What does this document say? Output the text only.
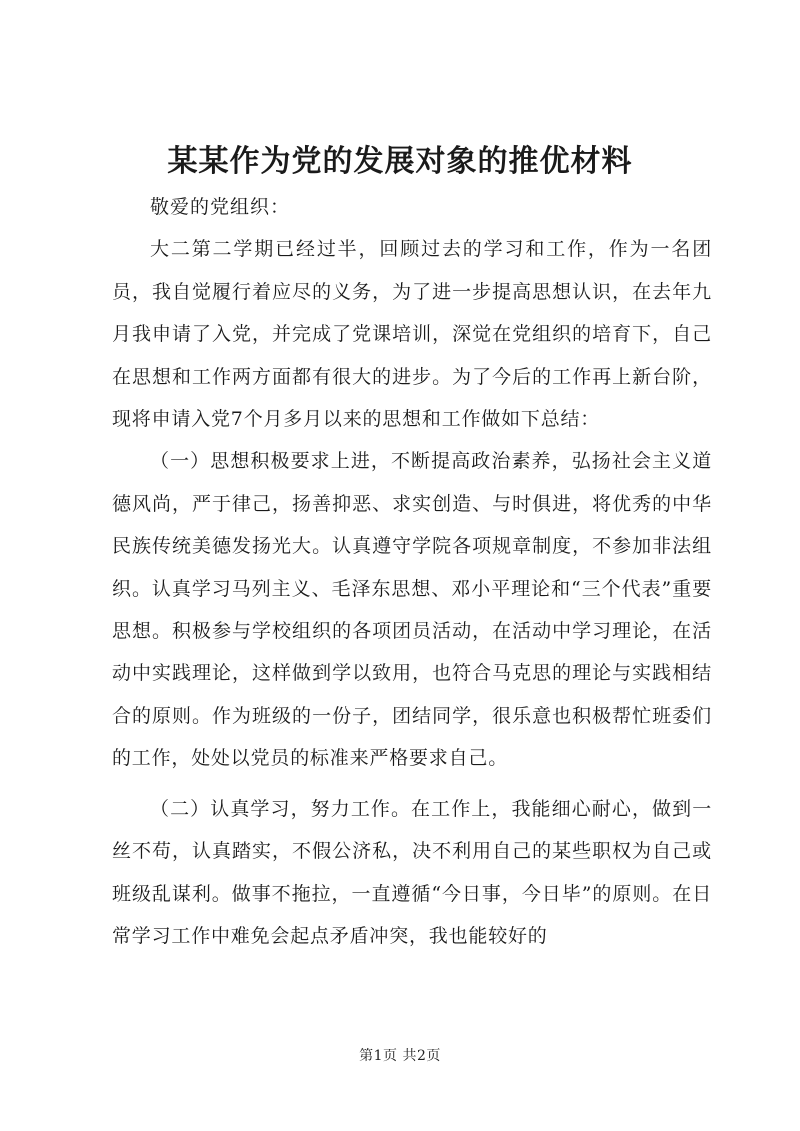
某某作为党的发展对象的推优材料

敬爱的党组织：

大二第二学期已经过半，回顾过去的学习和工作，作为一名团员，我自觉履行着应尽的义务，为了进一步提高思想认识，在去年九月我申请了入党，并完成了党课培训，深觉在党组织的培育下，自己在思想和工作两方面都有很大的进步。为了今后的工作再上新台阶，现将申请入党7个月多月以来的思想和工作做如下总结：

（一）思想积极要求上进，不断提高政治素养，弘扬社会主义道德风尚，严于律己，扬善抑恶、求实创造、与时俱进，将优秀的中华民族传统美德发扬光大。认真遵守学院各项规章制度，不参加非法组织。认真学习马列主义、毛泽东思想、邓小平理论和“三个代表”重要思想。积极参与学校组织的各项团员活动，在活动中学习理论，在活动中实践理论，这样做到学以致用，也符合马克思的理论与实践相结合的原则。作为班级的一份子，团结同学，很乐意也积极帮忙班委们的工作，处处以党员的标准来严格要求自己。

（二）认真学习，努力工作。在工作上，我能细心耐心，做到一丝不苟，认真踏实，不假公济私，决不利用自己的某些职权为自己或班级乱谋利。做事不拖拉，一直遵循“今日事，今日毕”的原则。在日常学习工作中难免会起点矛盾冲突，我也能较好的

第1页 共2页
